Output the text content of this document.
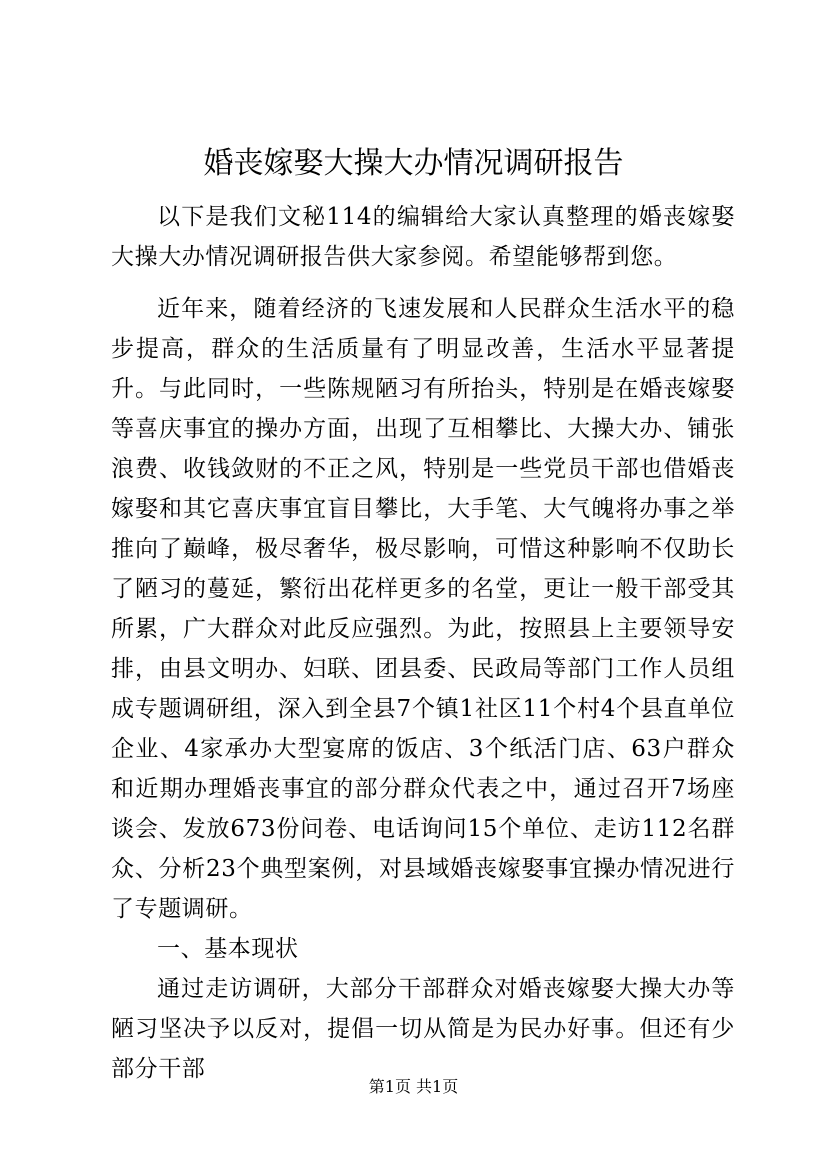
婚丧嫁娶大操大办情况调研报告

以下是我们文秘114的编辑给大家认真整理的婚丧嫁娶大操大办情况调研报告供大家参阅。希望能够帮到您。

近年来，随着经济的飞速发展和人民群众生活水平的稳步提高，群众的生活质量有了明显改善，生活水平显著提升。与此同时，一些陈规陋习有所抬头，特别是在婚丧嫁娶等喜庆事宜的操办方面，出现了互相攀比、大操大办、铺张浪费、收钱敛财的不正之风，特别是一些党员干部也借婚丧嫁娶和其它喜庆事宜盲目攀比，大手笔、大气魄将办事之举推向了巅峰，极尽奢华，极尽影响，可惜这种影响不仅助长了陋习的蔓延，繁衍出花样更多的名堂，更让一般干部受其所累，广大群众对此反应强烈。为此，按照县上主要领导安排，由县文明办、妇联、团县委、民政局等部门工作人员组成专题调研组，深入到全县7个镇1社区11个村4个县直单位企业、4家承办大型宴席的饭店、3个纸活门店、63户群众和近期办理婚丧事宜的部分群众代表之中，通过召开7场座谈会、发放673份问卷、电话询问15个单位、走访112名群众、分析23个典型案例，对县域婚丧嫁娶事宜操办情况进行了专题调研。

一、基本现状

通过走访调研，大部分干部群众对婚丧嫁娶大操大办等陋习坚决予以反对，提倡一切从简是为民办好事。但还有少部分干部

第1页 共1页
